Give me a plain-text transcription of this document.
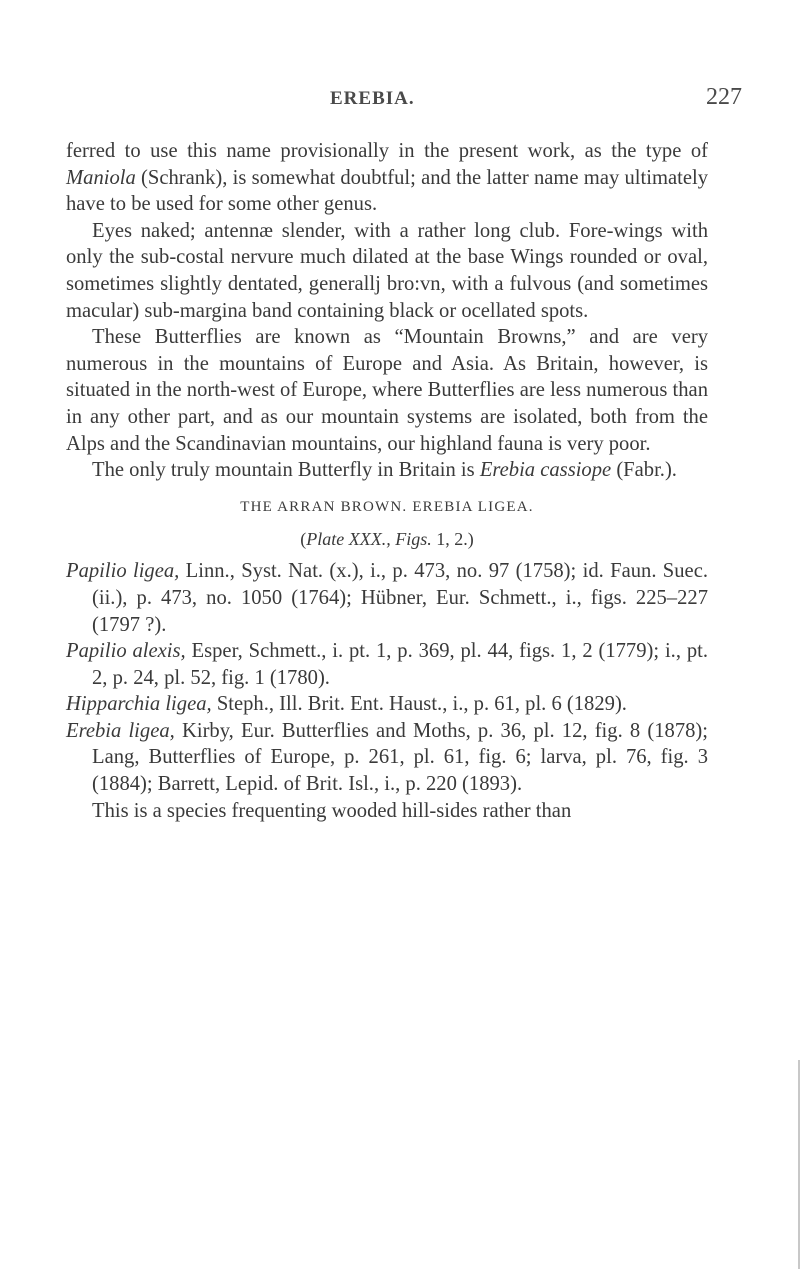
EREBIA.	227

ferred to use this name provisionally in the present work, as the type of Maniola (Schrank), is somewhat doubtful; and the latter name may ultimately have to be used for some other genus.

Eyes naked; antennæ slender, with a rather long club. Fore-wings with only the sub-costal nervure much dilated at the base Wings rounded or oval, sometimes slightly dentated, generallj bro:vn, with a fulvous (and sometimes macular) sub-margina band containing black or ocellated spots.

These Butterflies are known as “Mountain Browns,” and are very numerous in the mountains of Europe and Asia. As Britain, however, is situated in the north-west of Europe, where Butterflies are less numerous than in any other part, and as our mountain systems are isolated, both from the Alps and the Scandinavian mountains, our highland fauna is very poor.

The only truly mountain Butterfly in Britain is Erebia cassiope (Fabr.).

THE ARRAN BROWN. EREBIA LIGEA.
(Plate XXX., Figs. 1, 2.)

Papilio ligea, Linn., Syst. Nat. (x.), i., p. 473, no. 97 (1758); id. Faun. Suec. (ii.), p. 473, no. 1050 (1764); Hübner, Eur. Schmett., i., figs. 225–227 (1797 ?).

Papilio alexis, Esper, Schmett., i. pt. 1, p. 369, pl. 44, figs. 1, 2 (1779); i., pt. 2, p. 24, pl. 52, fig. 1 (1780).

Hipparchia ligea, Steph., Ill. Brit. Ent. Haust., i., p. 61, pl. 6 (1829).

Erebia ligea, Kirby, Eur. Butterflies and Moths, p. 36, pl. 12, fig. 8 (1878); Lang, Butterflies of Europe, p. 261, pl. 61, fig. 6; larva, pl. 76, fig. 3 (1884); Barrett, Lepid. of Brit. Isl., i., p. 220 (1893).

This is a species frequenting wooded hill-sides rather than
